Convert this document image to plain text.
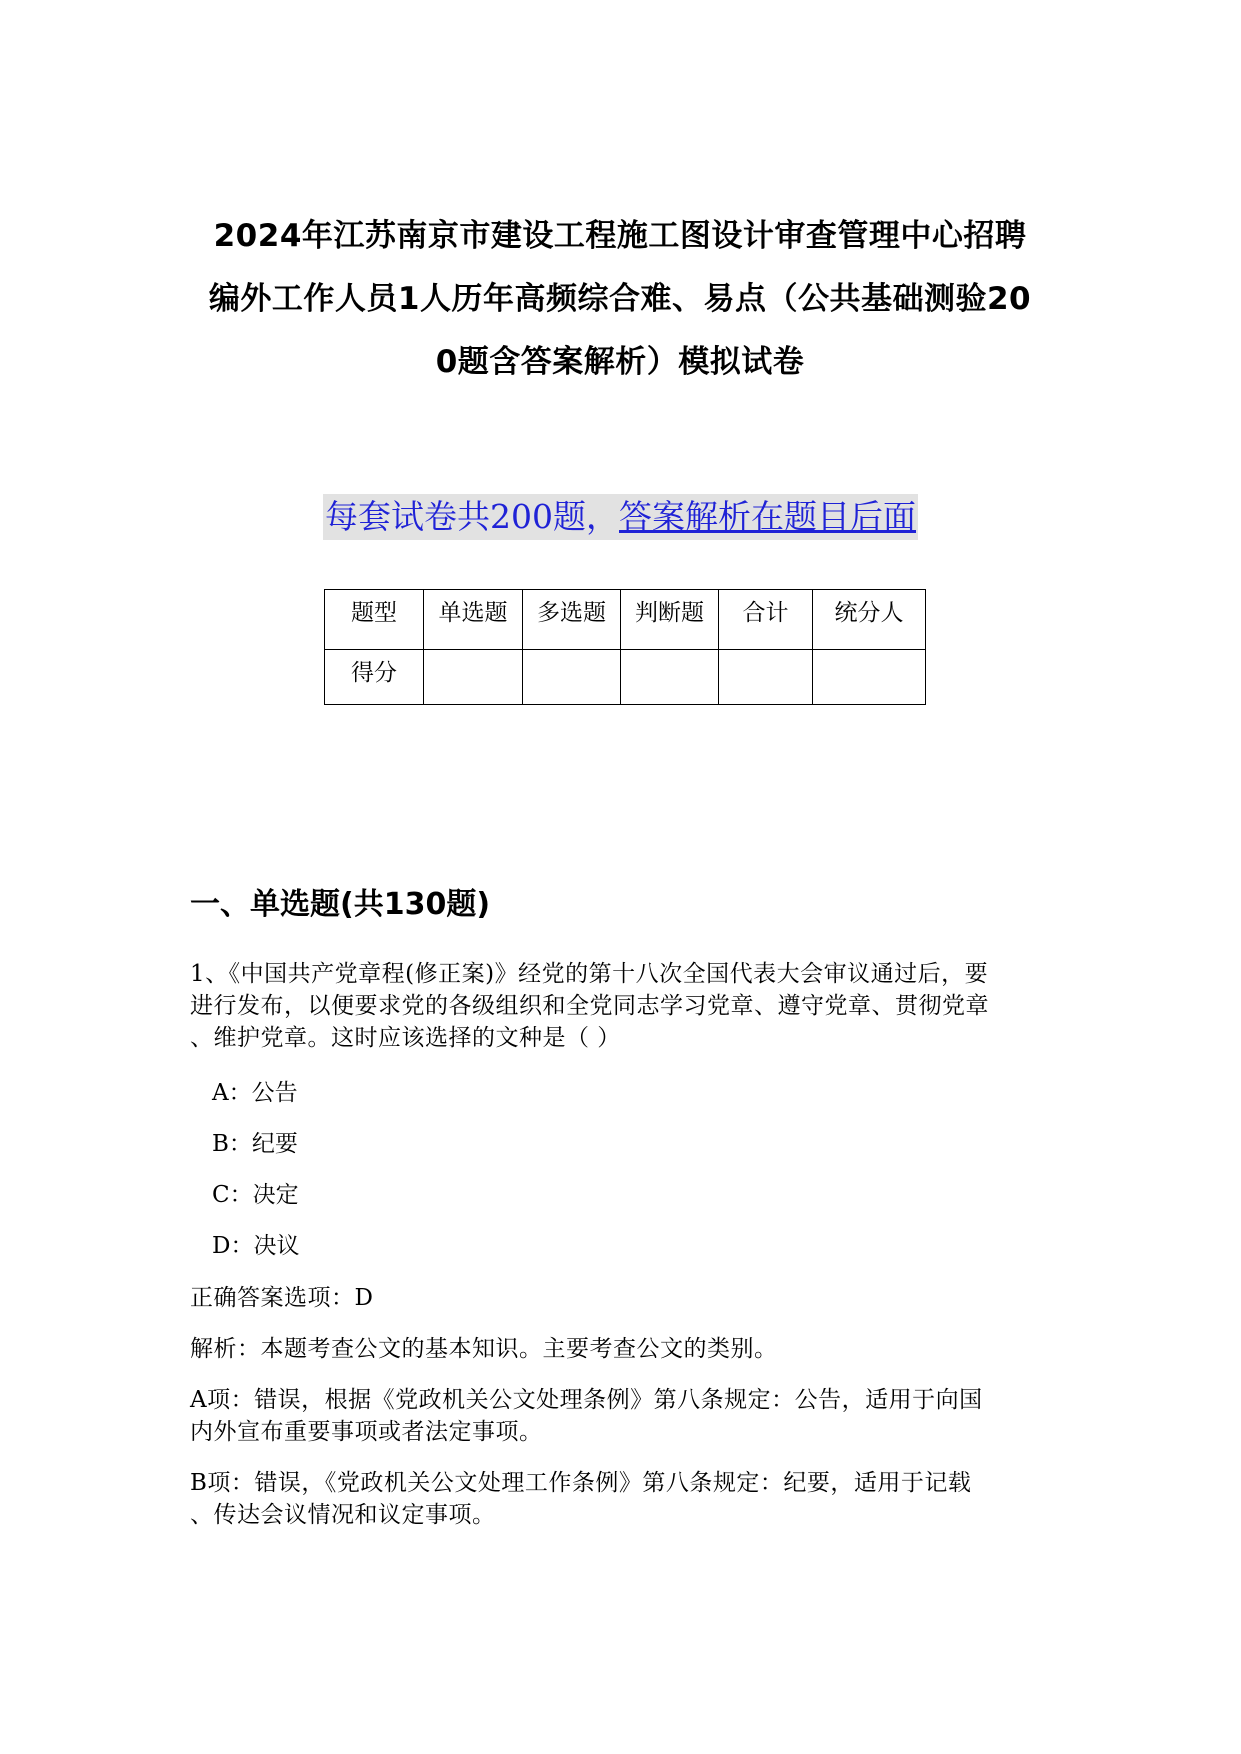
2024年江苏南京市建设工程施工图设计审查管理中心招聘
编外工作人员1人历年高频综合难、易点（公共基础测验20
0题含答案解析）模拟试卷
每套试卷共200题，答案解析在题目后面
题型	单选题	多选题	判断题	合计	统分人
得分					
一、单选题(共130题)
1、《中国共产党章程(修正案)》经党的第十八次全国代表大会审议通过后，要
进行发布，以便要求党的各级组织和全党同志学习党章、遵守党章、贯彻党章
、维护党章。这时应该选择的文种是（ ）
A：公告
B：纪要
C：决定
D：决议
正确答案选项：D
解析：本题考查公文的基本知识。主要考查公文的类别。
A项：错误，根据《党政机关公文处理条例》第八条规定：公告，适用于向国
内外宣布重要事项或者法定事项。
B项：错误，《党政机关公文处理工作条例》第八条规定：纪要，适用于记载
、传达会议情况和议定事项。
